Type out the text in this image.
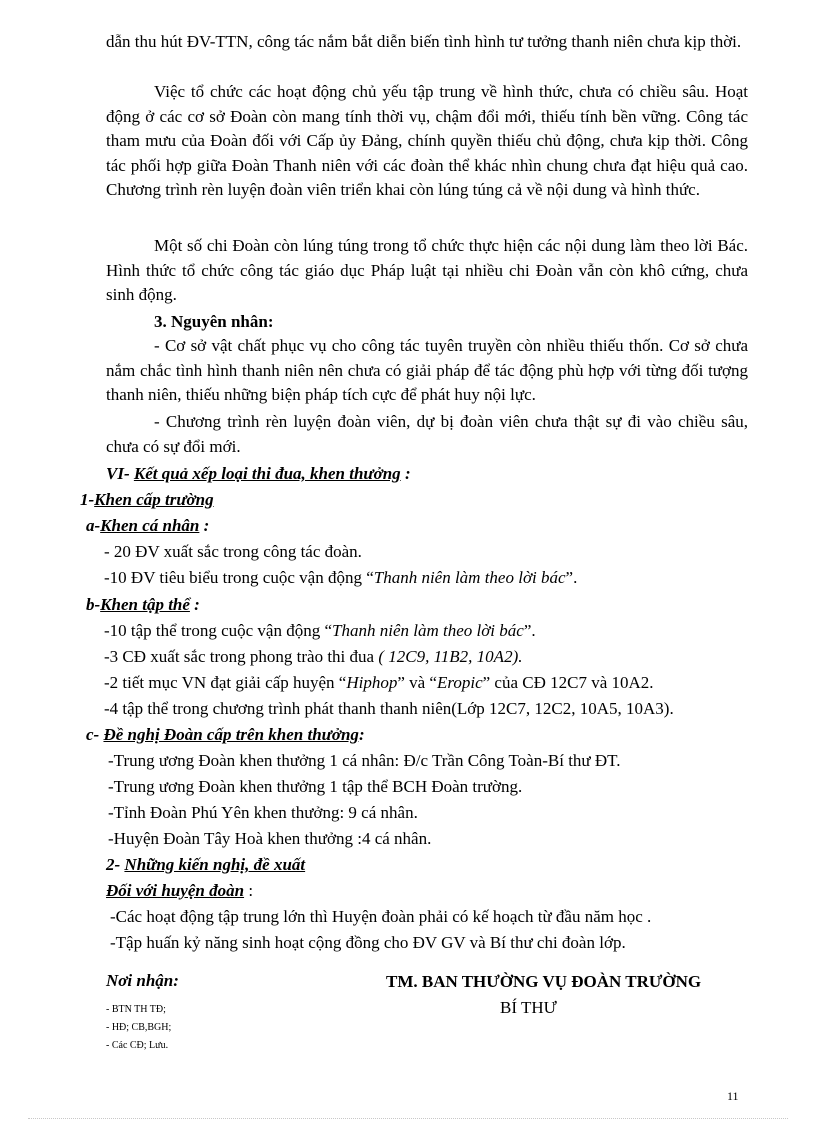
dẫn thu hút ĐV-TTN, công tác nắm bắt diễn biến tình hình tư tưởng thanh niên chưa kịp thời.
Việc tổ chức các hoạt động chủ yếu tập trung về hình thức, chưa có chiều sâu. Hoạt động ở các cơ sở Đoàn còn mang tính thời vụ, chậm đổi mới, thiếu tính bền vững. Công tác tham mưu của Đoàn đối với Cấp ủy Đảng, chính quyền thiếu chủ động, chưa kịp thời. Công tác phối hợp giữa Đoàn Thanh niên với các đoàn thể khác nhìn chung chưa đạt hiệu quả cao. Chương trình rèn luyện đoàn viên triển khai còn lúng túng cả về nội dung và hình thức.
Một số chi Đoàn còn lúng túng trong tổ chức thực hiện các nội dung làm theo lời Bác. Hình thức tổ chức công tác giáo dục Pháp luật tại nhiều chi Đoàn vẫn còn khô cứng, chưa sinh động.
3. Nguyên nhân:
- Cơ sở vật chất phục vụ cho công tác tuyên truyền còn nhiều thiếu thốn. Cơ sở chưa nắm chắc tình hình thanh niên nên chưa có giải pháp để tác động phù hợp với từng đối tượng thanh niên, thiếu những biện pháp tích cực để phát huy nội lực.
- Chương trình rèn luyện đoàn viên, dự bị đoàn viên chưa thật sự đi vào chiều sâu, chưa có sự đổi mới.
VI- Kết quả xếp loại thi đua, khen thưởng :
1-Khen cấp trường
a-Khen cá nhân :
- 20 ĐV xuất sắc trong công tác đoàn.
-10 ĐV tiêu biểu trong cuộc vận động “Thanh niên làm theo lời bác”.
b-Khen tập thể :
-10 tập thể trong cuộc vận động “Thanh niên làm theo lời bác”.
-3 CĐ xuất sắc trong phong trào thi đua ( 12C9, 11B2, 10A2).
-2 tiết mục VN đạt giải cấp huyện “Hiphop” và “Eropic” của CĐ 12C7 và 10A2.
-4 tập thể trong chương trình phát thanh thanh niên(Lớp 12C7, 12C2, 10A5, 10A3).
c- Đề nghị Đoàn cấp trên khen thưởng:
-Trung ương Đoàn khen thưởng 1 cá nhân: Đ/c Trần Công Toàn-Bí thư ĐT.
-Trung ương Đoàn khen thưởng 1 tập thể BCH Đoàn trường.
-Tỉnh Đoàn Phú Yên khen thưởng: 9 cá nhân.
-Huyện Đoàn Tây Hoà khen thưởng :4 cá nhân.
2- Những kiến nghị, đề xuất
Đối với huyện đoàn :
-Các hoạt động tập trung lớn thì Huyện đoàn phải có kế hoạch từ đầu năm học .
-Tập huấn kỷ năng sinh hoạt cộng đồng cho ĐV GV và Bí thư chi đoàn lớp.
Nơi nhận:
- BTN TH TĐ;
- HĐ; CB,BGH;
- Các CĐ; Lưu.
TM. BAN THƯỜNG VỤ ĐOÀN TRƯỜNG
BÍ THƯ
11
